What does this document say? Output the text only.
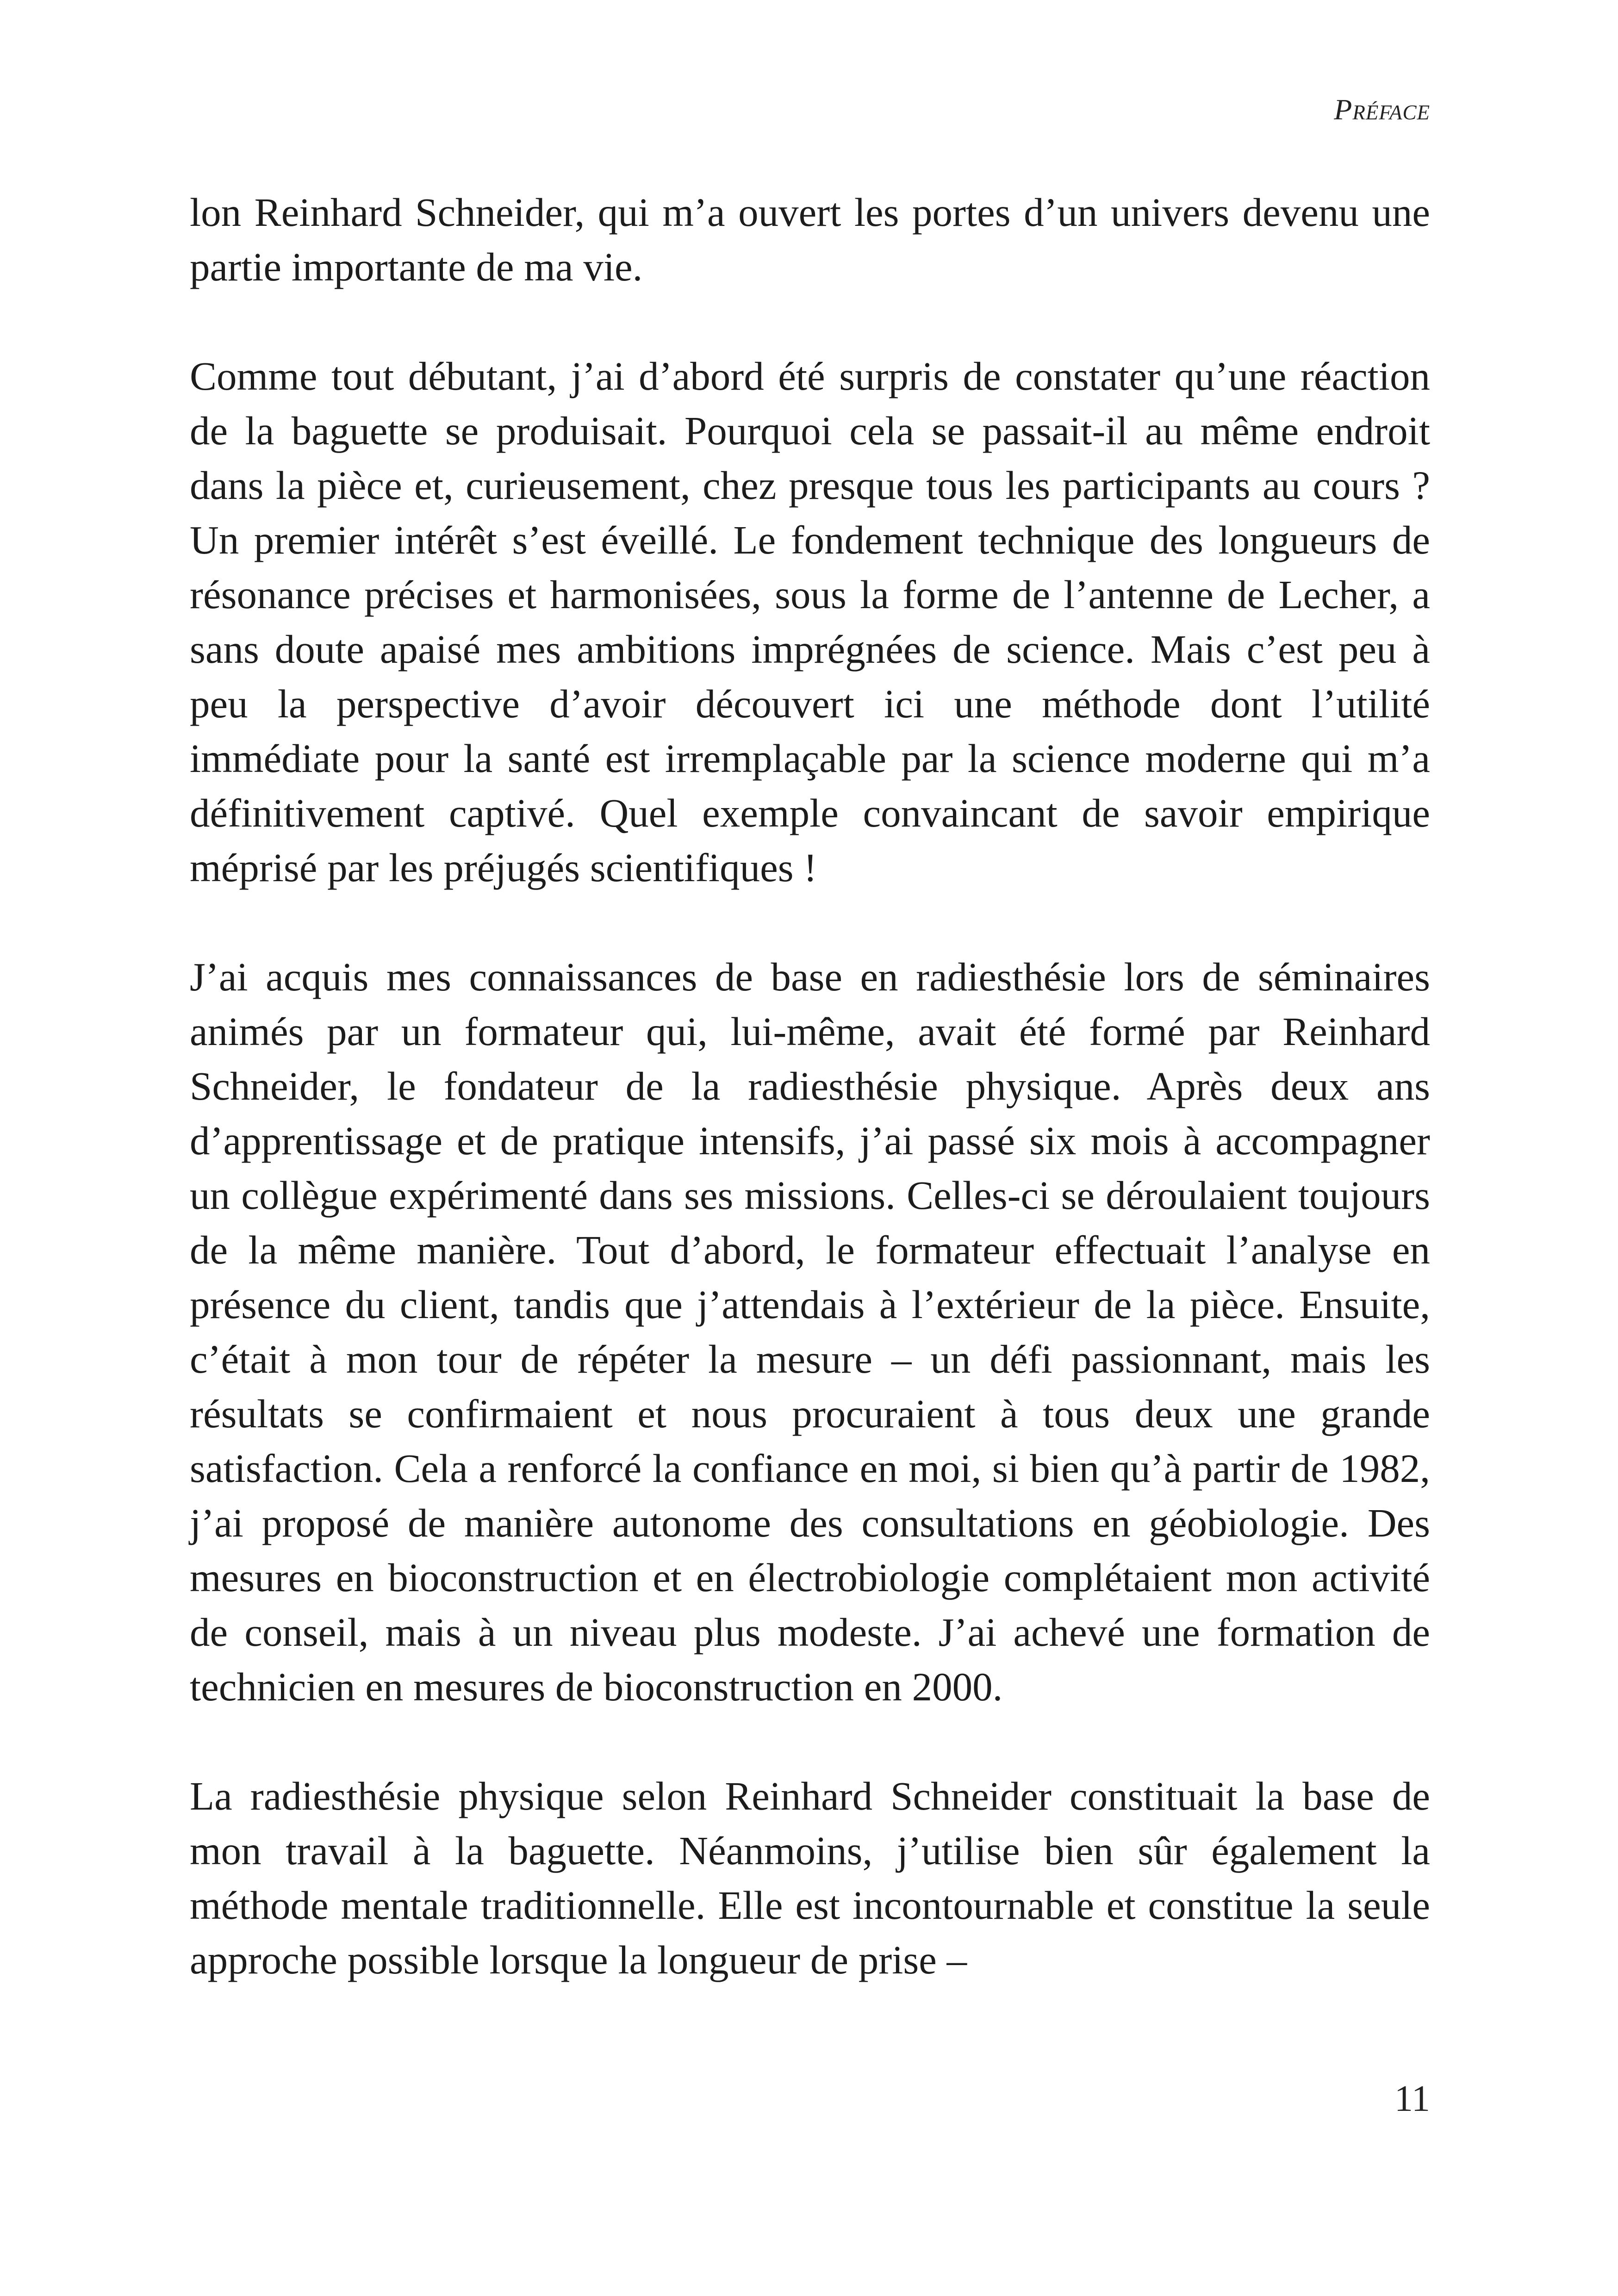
Préface

lon Reinhard Schneider, qui m’a ouvert les portes d’un univers devenu une partie importante de ma vie.

Comme tout débutant, j’ai d’abord été surpris de constater qu’une réaction de la baguette se produisait. Pourquoi cela se passait-il au même endroit dans la pièce et, curieusement, chez presque tous les participants au cours ? Un premier intérêt s’est éveillé. Le fondement technique des longueurs de résonance précises et harmonisées, sous la forme de l’antenne de Lecher, a sans doute apaisé mes ambitions imprégnées de science. Mais c’est peu à peu la perspective d’avoir découvert ici une méthode dont l’utilité immédiate pour la santé est irremplaçable par la science moderne qui m’a définitivement captivé. Quel exemple convaincant de savoir empirique méprisé par les préjugés scientifiques !

J’ai acquis mes connaissances de base en radiesthésie lors de séminaires animés par un formateur qui, lui-même, avait été formé par Reinhard Schneider, le fondateur de la radiesthésie physique. Après deux ans d’apprentissage et de pratique intensifs, j’ai passé six mois à accompagner un collègue expérimenté dans ses missions. Celles-ci se déroulaient toujours de la même manière. Tout d’abord, le formateur effectuait l’analyse en présence du client, tandis que j’attendais à l’extérieur de la pièce. Ensuite, c’était à mon tour de répéter la mesure – un défi passionnant, mais les résultats se confirmaient et nous procuraient à tous deux une grande satisfaction. Cela a renforcé la confiance en moi, si bien qu’à partir de 1982, j’ai proposé de manière autonome des consultations en géobiologie. Des mesures en bioconstruction et en électrobiologie complétaient mon activité de conseil, mais à un niveau plus modeste. J’ai achevé une formation de technicien en mesures de bioconstruction en 2000.

La radiesthésie physique selon Reinhard Schneider constituait la base de mon travail à la baguette. Néanmoins, j’utilise bien sûr également la méthode mentale traditionnelle. Elle est incontournable et constitue la seule approche possible lorsque la longueur de prise –

11
